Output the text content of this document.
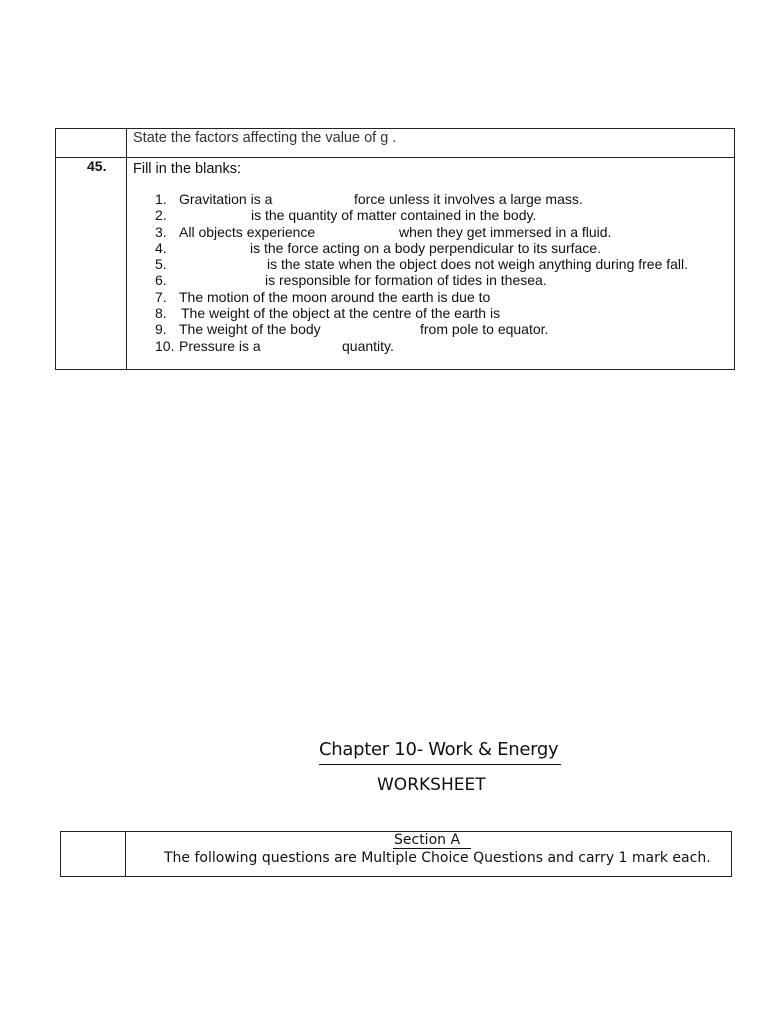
State the factors affecting the value of g .
45. Fill in the blanks:
1. Gravitation is a	force unless it involves a large mass.
2.	is the quantity of matter contained in the body.
3. All objects experience	when they get immersed in a fluid.
4.	is the force acting on a body perpendicular to its surface.
5.	is the state when the object does not weigh anything during free fall.
6.	is responsible for formation of tides in thesea.
7. The motion of the moon around the earth is due to
8. The weight of the object at the centre of the earth is
9. The weight of the body	from pole to equator.
10. Pressure is a	quantity.
Chapter 10- Work & Energy
WORKSHEET
Section A
The following questions are Multiple Choice Questions and carry 1 mark each.
